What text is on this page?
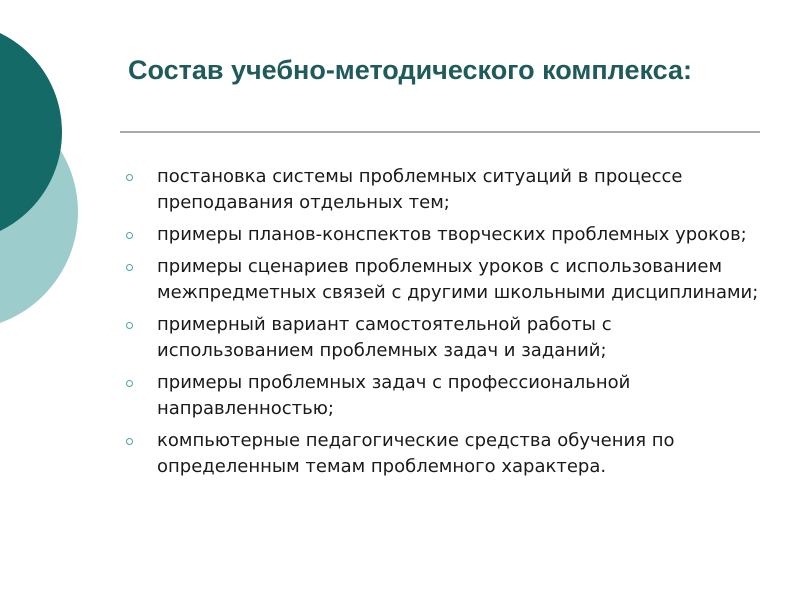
Состав учебно-методического комплекса:
постановка системы проблемных ситуаций в процессе преподавания отдельных тем;
примеры планов-конспектов творческих проблемных уроков;
примеры сценариев проблемных уроков с использованием межпредметных связей с другими школьными дисциплинами;
примерный вариант самостоятельной работы с использованием проблемных задач и заданий;
примеры проблемных задач с профессиональной направленностью;
компьютерные педагогические средства обучения по определенным темам проблемного характера.
